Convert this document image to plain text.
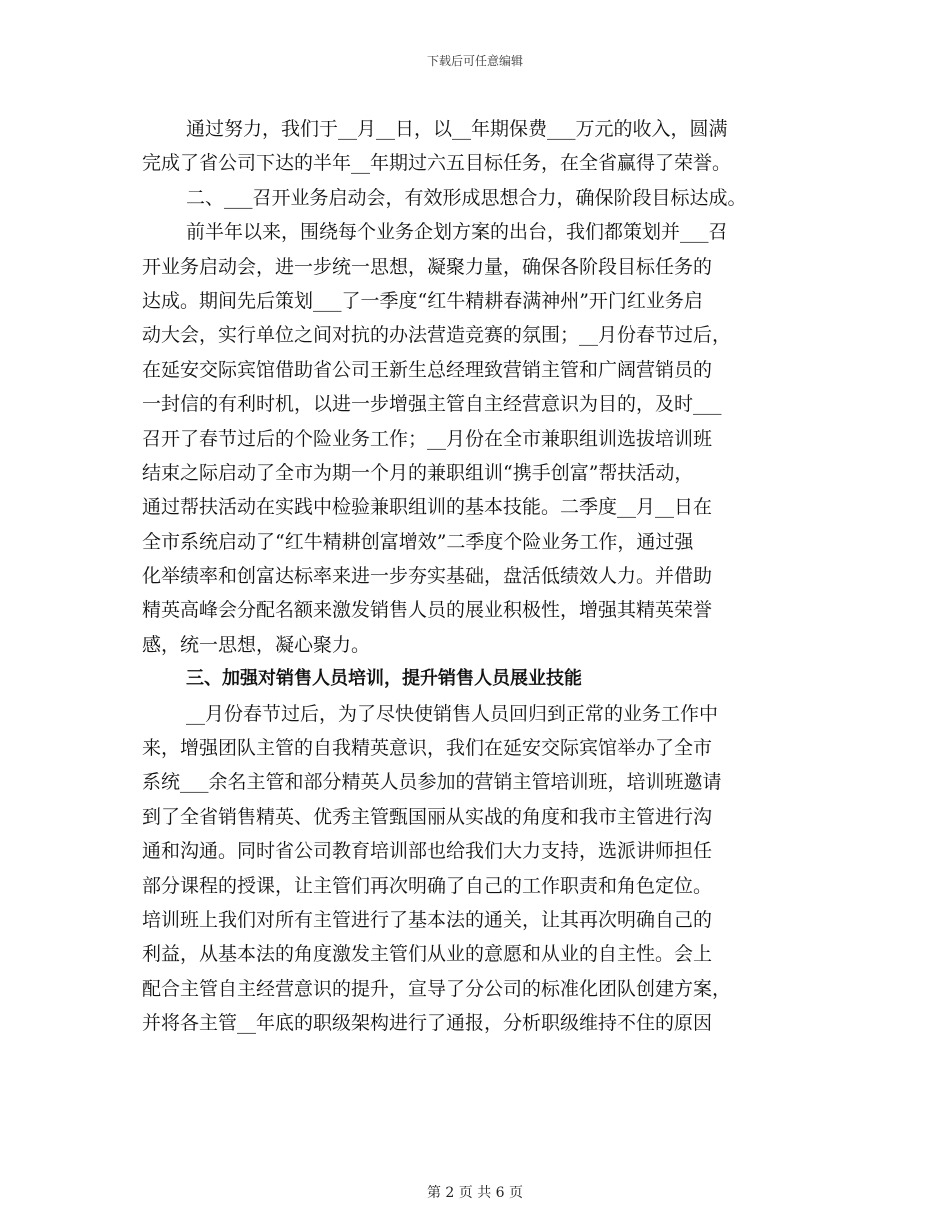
下载后可任意编辑
通过努力，我们于__月__日，以__年期保费___万元的收入，圆满
完成了省公司下达的半年__年期过六五目标任务，在全省赢得了荣誉。
二、___召开业务启动会，有效形成思想合力，确保阶段目标达成。
前半年以来，围绕每个业务企划方案的出台，我们都策划并___召
开业务启动会，进一步统一思想，凝聚力量，确保各阶段目标任务的
达成。期间先后策划___了一季度“红牛精耕春满神州”开门红业务启
动大会，实行单位之间对抗的办法营造竞赛的氛围；__月份春节过后，
在延安交际宾馆借助省公司王新生总经理致营销主管和广阔营销员的
一封信的有利时机，以进一步增强主管自主经营意识为目的，及时___
召开了春节过后的个险业务工作；__月份在全市兼职组训选拔培训班
结束之际启动了全市为期一个月的兼职组训“携手创富”帮扶活动，
通过帮扶活动在实践中检验兼职组训的基本技能。二季度__月__日在
全市系统启动了“红牛精耕创富增效”二季度个险业务工作，通过强
化举绩率和创富达标率来进一步夯实基础，盘活低绩效人力。并借助
精英高峰会分配名额来激发销售人员的展业积极性，增强其精英荣誉
感，统一思想，凝心聚力。
三、加强对销售人员培训，提升销售人员展业技能
__月份春节过后，为了尽快使销售人员回归到正常的业务工作中
来，增强团队主管的自我精英意识，我们在延安交际宾馆举办了全市
系统___余名主管和部分精英人员参加的营销主管培训班，培训班邀请
到了全省销售精英、优秀主管甄国丽从实战的角度和我市主管进行沟
通和沟通。同时省公司教育培训部也给我们大力支持，选派讲师担任
部分课程的授课，让主管们再次明确了自己的工作职责和角色定位。
培训班上我们对所有主管进行了基本法的通关，让其再次明确自己的
利益，从基本法的角度激发主管们从业的意愿和从业的自主性。会上
配合主管自主经营意识的提升，宣导了分公司的标准化团队创建方案，
并将各主管__年底的职级架构进行了通报，分析职级维持不住的原因
第 2 页 共 6 页
